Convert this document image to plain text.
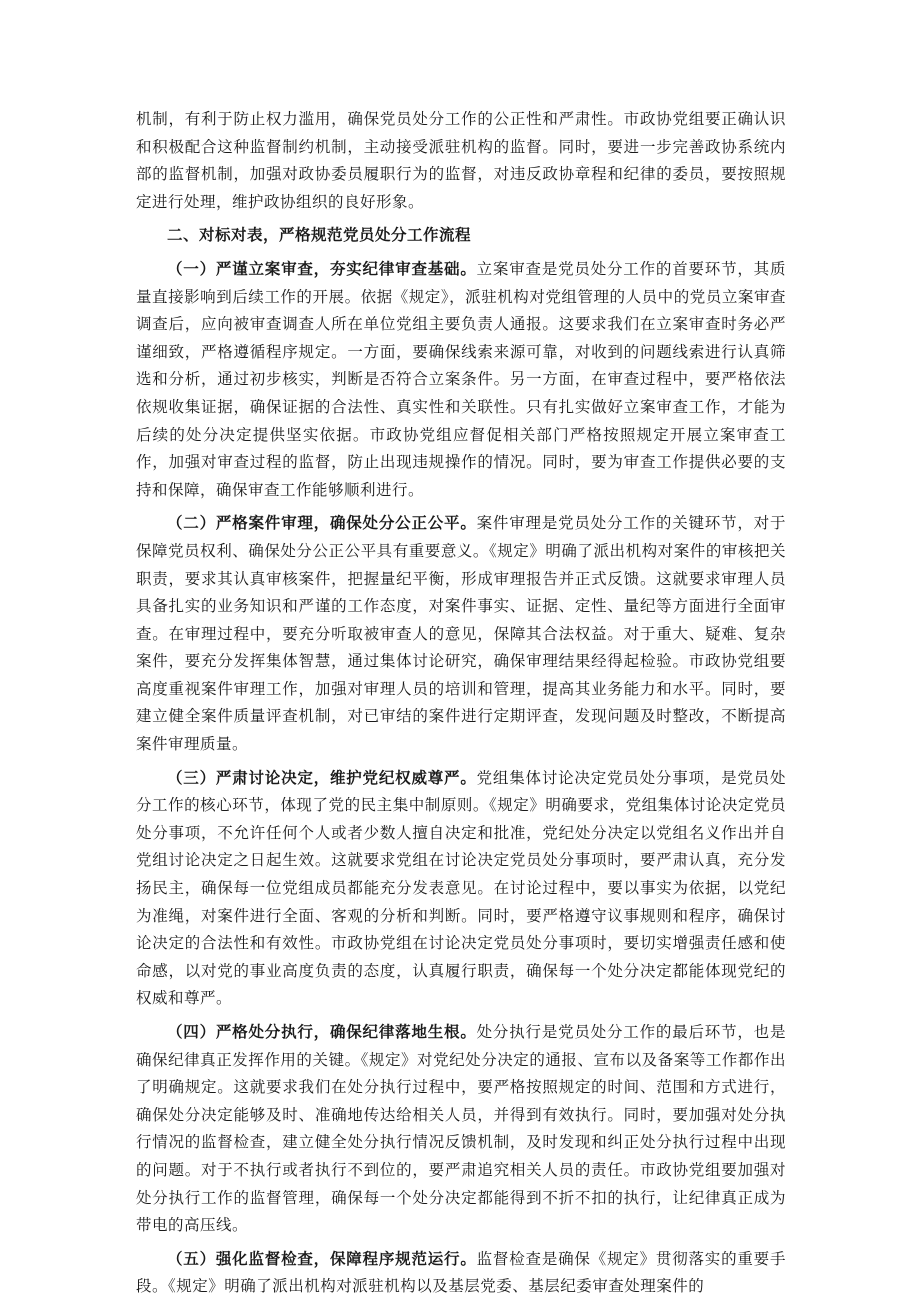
机制，有利于防止权力滥用，确保党员处分工作的公正性和严肃性。市政协党组要正确认识和积极配合这种监督制约机制，主动接受派驻机构的监督。同时，要进一步完善政协系统内部的监督机制，加强对政协委员履职行为的监督，对违反政协章程和纪律的委员，要按照规定进行处理，维护政协组织的良好形象。

二、对标对表，严格规范党员处分工作流程

（一）严谨立案审查，夯实纪律审查基础。立案审查是党员处分工作的首要环节，其质量直接影响到后续工作的开展。依据《规定》，派驻机构对党组管理的人员中的党员立案审查调查后，应向被审查调查人所在单位党组主要负责人通报。这要求我们在立案审查时务必严谨细致，严格遵循程序规定。一方面，要确保线索来源可靠，对收到的问题线索进行认真筛选和分析，通过初步核实，判断是否符合立案条件。另一方面，在审查过程中，要严格依法依规收集证据，确保证据的合法性、真实性和关联性。只有扎实做好立案审查工作，才能为后续的处分决定提供坚实依据。市政协党组应督促相关部门严格按照规定开展立案审查工作，加强对审查过程的监督，防止出现违规操作的情况。同时，要为审查工作提供必要的支持和保障，确保审查工作能够顺利进行。

（二）严格案件审理，确保处分公正公平。案件审理是党员处分工作的关键环节，对于保障党员权利、确保处分公正公平具有重要意义。《规定》明确了派出机构对案件的审核把关职责，要求其认真审核案件，把握量纪平衡，形成审理报告并正式反馈。这就要求审理人员具备扎实的业务知识和严谨的工作态度，对案件事实、证据、定性、量纪等方面进行全面审查。在审理过程中，要充分听取被审查人的意见，保障其合法权益。对于重大、疑难、复杂案件，要充分发挥集体智慧，通过集体讨论研究，确保审理结果经得起检验。市政协党组要高度重视案件审理工作，加强对审理人员的培训和管理，提高其业务能力和水平。同时，要建立健全案件质量评查机制，对已审结的案件进行定期评查，发现问题及时整改，不断提高案件审理质量。

（三）严肃讨论决定，维护党纪权威尊严。党组集体讨论决定党员处分事项，是党员处分工作的核心环节，体现了党的民主集中制原则。《规定》明确要求，党组集体讨论决定党员处分事项，不允许任何个人或者少数人擅自决定和批准，党纪处分决定以党组名义作出并自党组讨论决定之日起生效。这就要求党组在讨论决定党员处分事项时，要严肃认真，充分发扬民主，确保每一位党组成员都能充分发表意见。在讨论过程中，要以事实为依据，以党纪为准绳，对案件进行全面、客观的分析和判断。同时，要严格遵守议事规则和程序，确保讨论决定的合法性和有效性。市政协党组在讨论决定党员处分事项时，要切实增强责任感和使命感，以对党的事业高度负责的态度，认真履行职责，确保每一个处分决定都能体现党纪的权威和尊严。

（四）严格处分执行，确保纪律落地生根。处分执行是党员处分工作的最后环节，也是确保纪律真正发挥作用的关键。《规定》对党纪处分决定的通报、宣布以及备案等工作都作出了明确规定。这就要求我们在处分执行过程中，要严格按照规定的时间、范围和方式进行，确保处分决定能够及时、准确地传达给相关人员，并得到有效执行。同时，要加强对处分执行情况的监督检查，建立健全处分执行情况反馈机制，及时发现和纠正处分执行过程中出现的问题。对于不执行或者执行不到位的，要严肃追究相关人员的责任。市政协党组要加强对处分执行工作的监督管理，确保每一个处分决定都能得到不折不扣的执行，让纪律真正成为带电的高压线。

（五）强化监督检查，保障程序规范运行。监督检查是确保《规定》贯彻落实的重要手段。《规定》明确了派出机构对派驻机构以及基层党委、基层纪委审查处理案件的
